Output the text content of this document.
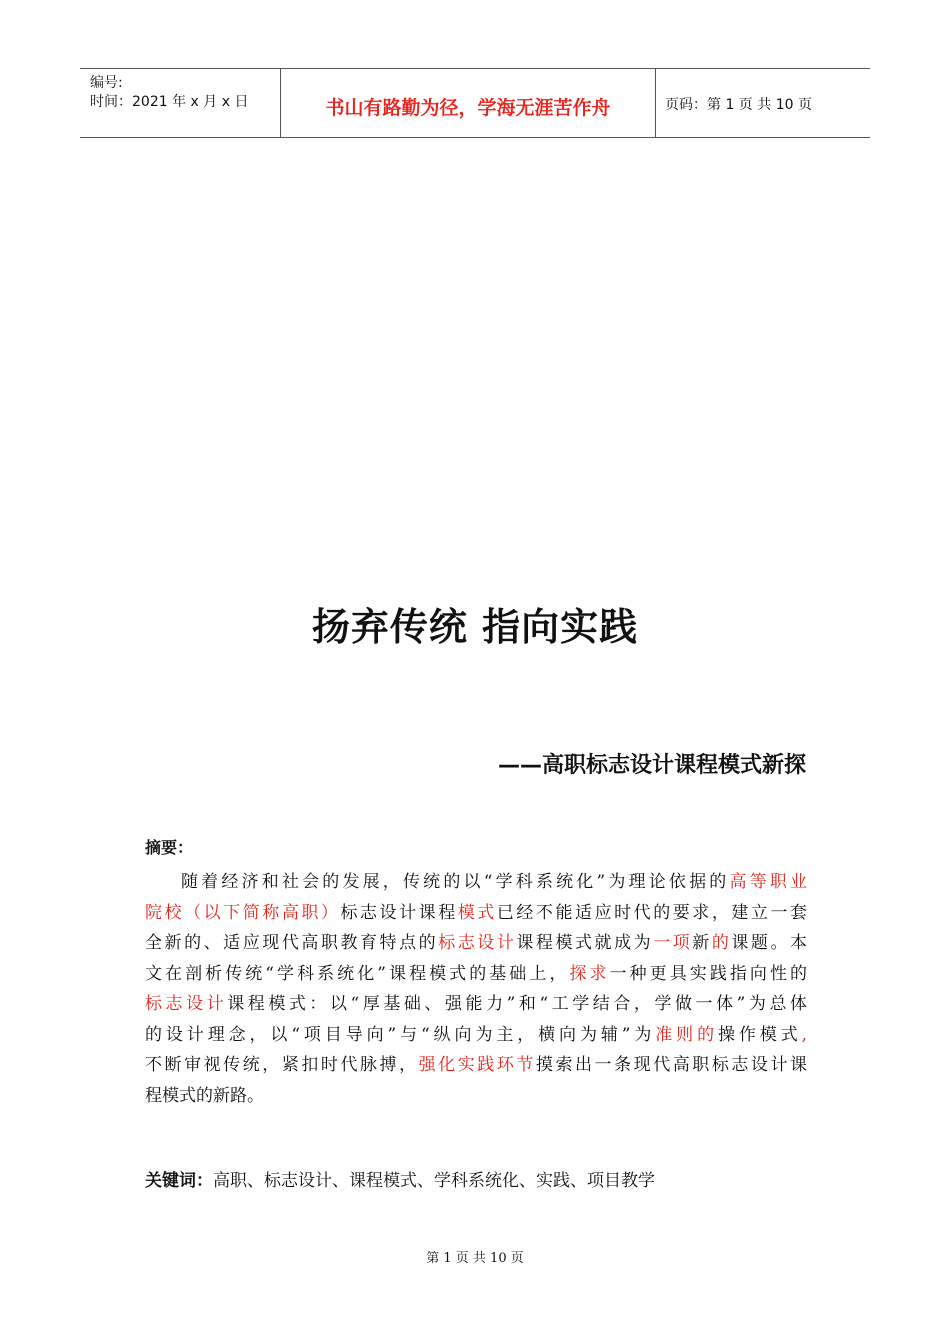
编号:
时间：2021 年 x 月 x 日	书山有路勤为径，学海无涯苦作舟	页码：第 1 页 共 10 页
扬弃传统 指向实践
——高职标志设计课程模式新探
摘要：
随着经济和社会的发展，传统的以“学科系统化”为理论依据的高等职业
院校（以下简称高职）标志设计课程模式已经不能适应时代的要求，建立一套
全新的、适应现代高职教育特点的标志设计课程模式就成为一项新的课题。本
文在剖析传统“学科系统化”课程模式的基础上，探求一种更具实践指向性的
标志设计课程模式：以“厚基础、强能力”和“工学结合，学做一体”为总体
的设计理念，以“项目导向”与“纵向为主，横向为辅”为准则的操作模式,
不断审视传统，紧扣时代脉搏，强化实践环节摸索出一条现代高职标志设计课
程模式的新路。
关键词：高职、标志设计、课程模式、学科系统化、实践、项目教学
第 1 页 共 10 页
